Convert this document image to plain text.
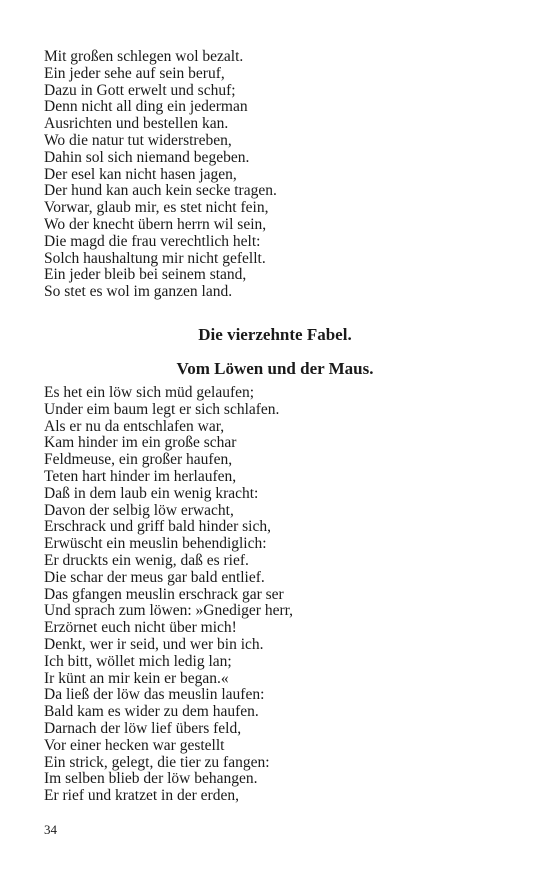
Mit großen schlegen wol bezalt.
Ein jeder sehe auf sein beruf,
Dazu in Gott erwelt und schuf;
Denn nicht all ding ein jederman
Ausrichten und bestellen kan.
Wo die natur tut widerstreben,
Dahin sol sich niemand begeben.
Der esel kan nicht hasen jagen,
Der hund kan auch kein secke tragen.
Vorwar, glaub mir, es stet nicht fein,
Wo der knecht übern herrn wil sein,
Die magd die frau verechtlich helt:
Solch haushaltung mir nicht gefellt.
Ein jeder bleib bei seinem stand,
So stet es wol im ganzen land.
Die vierzehnte Fabel.
Vom Löwen und der Maus.
Es het ein löw sich müd gelaufen;
Under eim baum legt er sich schlafen.
Als er nu da entschlafen war,
Kam hinder im ein große schar
Feldmeuse, ein großer haufen,
Teten hart hinder im herlaufen,
Daß in dem laub ein wenig kracht:
Davon der selbig löw erwacht,
Erschrack und griff bald hinder sich,
Erwüscht ein meuslin behendiglich:
Er druckts ein wenig, daß es rief.
Die schar der meus gar bald entlief.
Das gfangen meuslin erschrack gar ser
Und sprach zum löwen: »Gnediger herr,
Erzörnet euch nicht über mich!
Denkt, wer ir seid, und wer bin ich.
Ich bitt, wöllet mich ledig lan;
Ir künt an mir kein er began.«
Da ließ der löw das meuslin laufen:
Bald kam es wider zu dem haufen.
Darnach der löw lief übers feld,
Vor einer hecken war gestellt
Ein strick, gelegt, die tier zu fangen:
Im selben blieb der löw behangen.
Er rief und kratzet in der erden,
34
